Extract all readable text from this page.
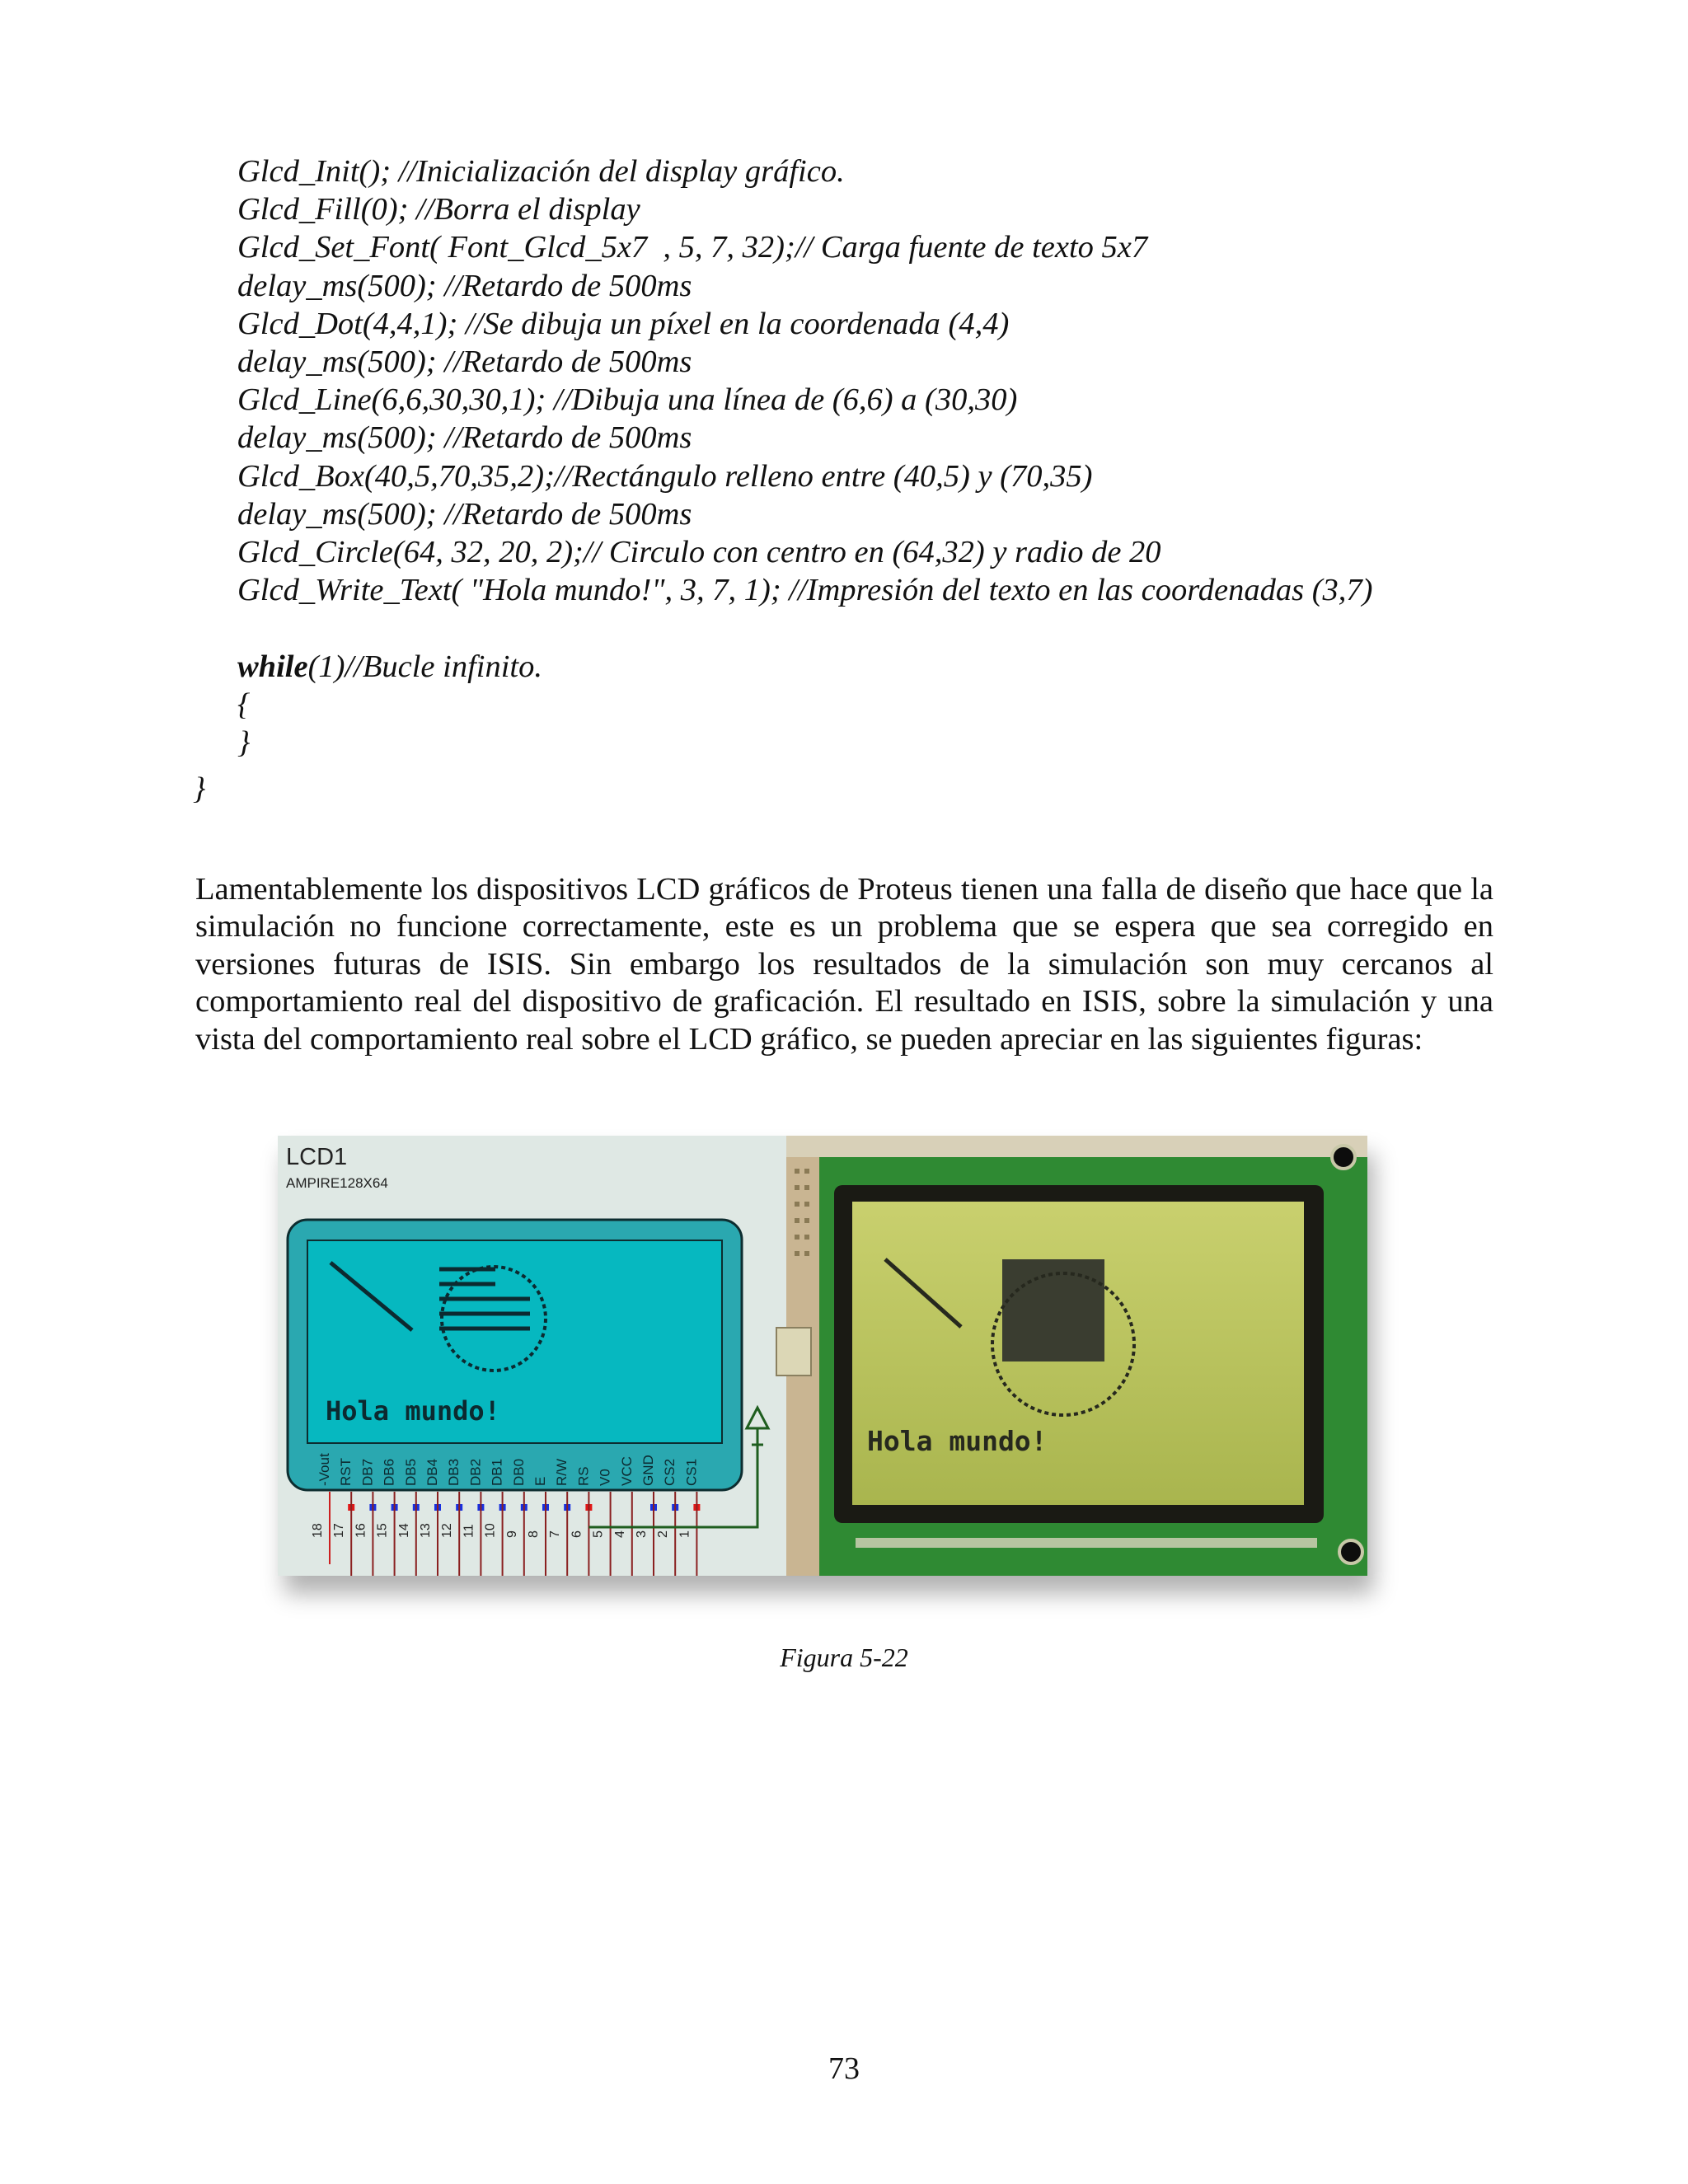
Glcd_Init(); //Inicialización del display gráfico.
Glcd_Fill(0); //Borra el display
Glcd_Set_Font( Font_Glcd_5x7  , 5, 7, 32);// Carga fuente de texto 5x7
delay_ms(500); //Retardo de 500ms
Glcd_Dot(4,4,1); //Se dibuja un píxel en la coordenada (4,4)
delay_ms(500); //Retardo de 500ms
Glcd_Line(6,6,30,30,1); //Dibuja una línea de (6,6) a (30,30)
delay_ms(500); //Retardo de 500ms
Glcd_Box(40,5,70,35,2);//Rectángulo relleno entre (40,5) y (70,35)
delay_ms(500); //Retardo de 500ms
Glcd_Circle(64, 32, 20, 2);// Circulo con centro en (64,32) y radio de 20
Glcd_Write_Text( "Hola mundo!", 3, 7, 1); //Impresión del texto en las coordenadas (3,7)
while(1)//Bucle infinito.
{
}
}

Lamentablemente los dispositivos LCD gráficos de Proteus tienen una falla de diseño que hace que la simulación no funcione correctamente, este es un problema que se espera que sea corregido en versiones futuras de ISIS. Sin embargo los resultados de la simulación son muy cercanos al comportamiento real del dispositivo de graficación. El resultado en ISIS, sobre la simulación y una vista del comportamiento real sobre el LCD gráfico, se pueden apreciar en las siguientes figuras:

LCD1
AMPIRE128X64
Hola mundo!
-Vout
18
RST
17
DB7
16
DB6
15
DB5
14
DB4
13
DB3
12
DB2
11
DB1
10
DB0
9
E
8
R/W
7
RS
6
V0
5
VCC
4
GND
3
CS2
2
CS1
1
Hola mundo!
Figura 5-22
73
